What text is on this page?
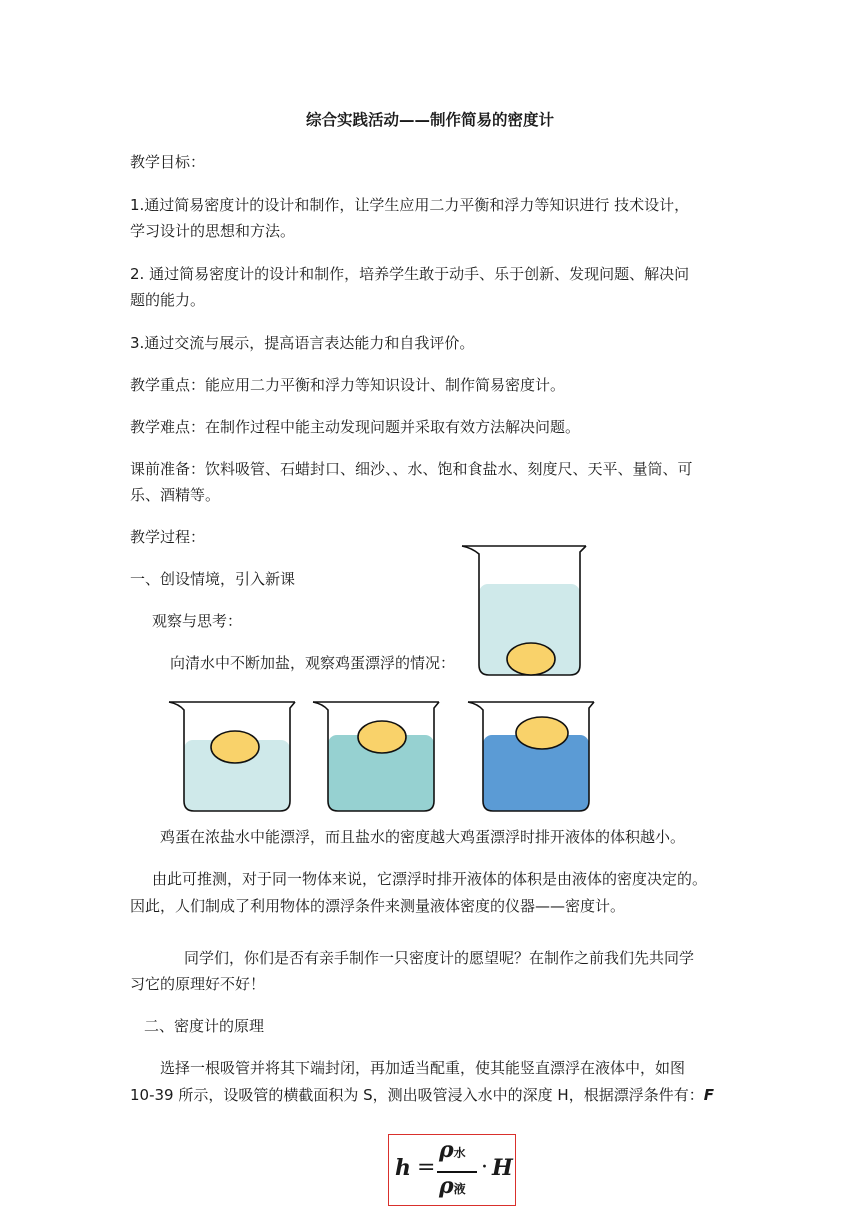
综合实践活动——制作简易的密度计
教学目标：
1.通过简易密度计的设计和制作，让学生应用二力平衡和浮力等知识进行 技术设计，
学习设计的思想和方法。
2. 通过简易密度计的设计和制作，培养学生敢于动手、乐于创新、发现问题、解决问
题的能力。
3.通过交流与展示，提高语言表达能力和自我评价。
教学重点：能应用二力平衡和浮力等知识设计、制作简易密度计。
教学难点：在制作过程中能主动发现问题并采取有效方法解决问题。
课前准备：饮料吸管、石蜡封口、细沙、、水、饱和食盐水、刻度尺、天平、量筒、可
乐、酒精等。
教学过程：
一、创设情境，引入新课
观察与思考：
向清水中不断加盐，观察鸡蛋漂浮的情况：
鸡蛋在浓盐水中能漂浮，而且盐水的密度越大鸡蛋漂浮时排开液体的体积越小。
由此可推测，对于同一物体来说，它漂浮时排开液体的体积是由液体的密度决定的。
因此，人们制成了利用物体的漂浮条件来测量液体密度的仪器——密度计。
同学们，你们是否有亲手制作一只密度计的愿望呢？在制作之前我们先共同学
习它的原理好不好！
二、密度计的原理
选择一根吸管并将其下端封闭，再加适当配重，使其能竖直漂浮在液体中，如图
10-39 所示，设吸管的横截面积为 S，测出吸管浸入水中的深度 H，根据漂浮条件有：F
h =
ρ水
ρ液
· H
